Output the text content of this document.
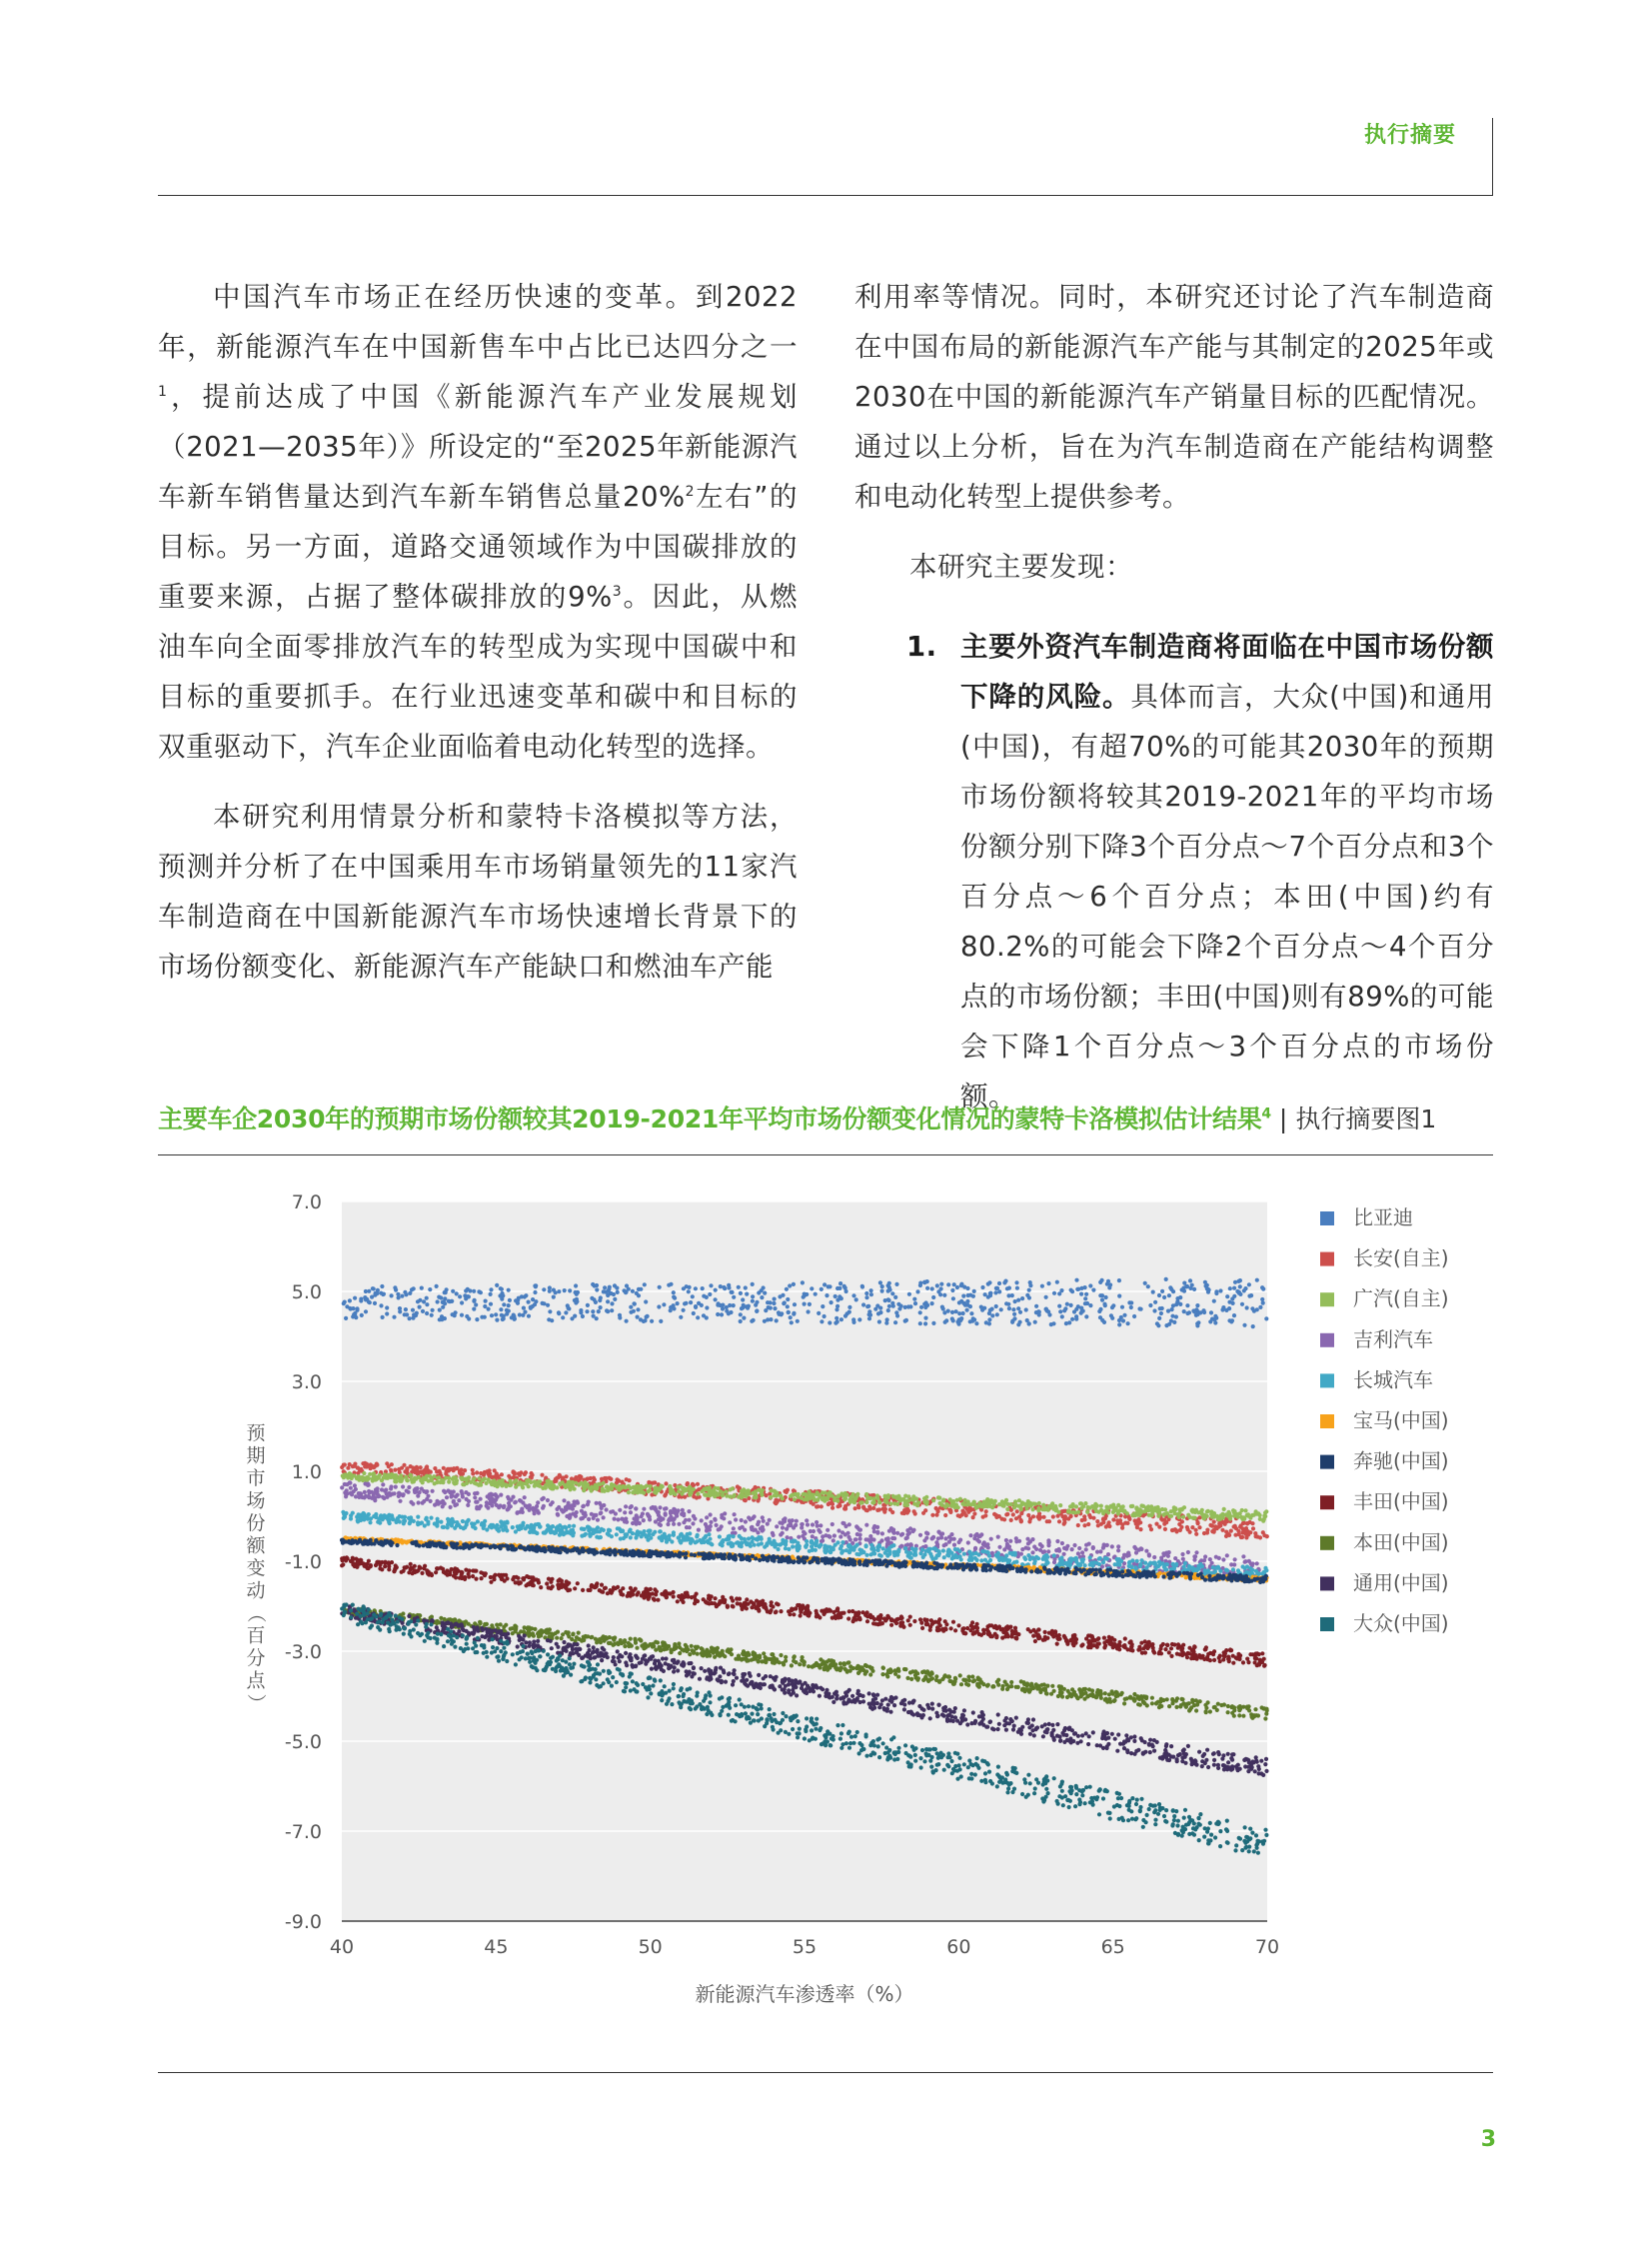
执行摘要

中国汽车市场正在经历快速的变革。到2022年，新能源汽车在中国新售车中占比已达四分之一$^1$，提前达成了中国《新能源汽车产业发展规划（2021—2035年）》所设定的“至2025年新能源汽车新车销售量达到汽车新车销售总量20%$^2$左右”的目标。另一方面，道路交通领域作为中国碳排放的重要来源，占据了整体碳排放的9%$^3$。因此，从燃油车向全面零排放汽车的转型成为实现中国碳中和目标的重要抓手。在行业迅速变革和碳中和目标的双重驱动下，汽车企业面临着电动化转型的选择。

本研究利用情景分析和蒙特卡洛模拟等方法，预测并分析了在中国乘用车市场销量领先的11家汽车制造商在中国新能源汽车市场快速增长背景下的市场份额变化、新能源汽车产能缺口和燃油车产能

利用率等情况。同时，本研究还讨论了汽车制造商在中国布局的新能源汽车产能与其制定的2025年或2030在中国的新能源汽车产销量目标的匹配情况。通过以上分析，旨在为汽车制造商在产能结构调整和电动化转型上提供参考。

本研究主要发现：

1. 主要外资汽车制造商将面临在中国市场份额下降的风险。具体而言，大众(中国)和通用(中国)，有超70%的可能其2030年的预期市场份额将较其2019-2021年的平均市场份额分别下降3个百分点～7个百分点和3个百分点～6个百分点；本田(中国)约有80.2%的可能会下降2个百分点～4个百分点的市场份额；丰田(中国)则有89%的可能会下降1个百分点～3个百分点的市场份额。

主要车企2030年的预期市场份额较其2019-2021年平均市场份额变化情况的蒙特卡洛模拟估计结果$^4$ | 执行摘要图1
7.0
5.0
3.0
1.0
-1.0
-3.0
-5.0
-7.0
-9.0
40	45	50	55	60	65	70
比亚迪
长安(自主)
广汽(自主)
吉利汽车
长城汽车
宝马(中国)
奔驰(中国)
丰田(中国)
本田(中国)
通用(中国)
大众(中国)
新能源汽车渗透率（%）
预
期
市
场
份
额
变
动
（
百
分
点
）
3
